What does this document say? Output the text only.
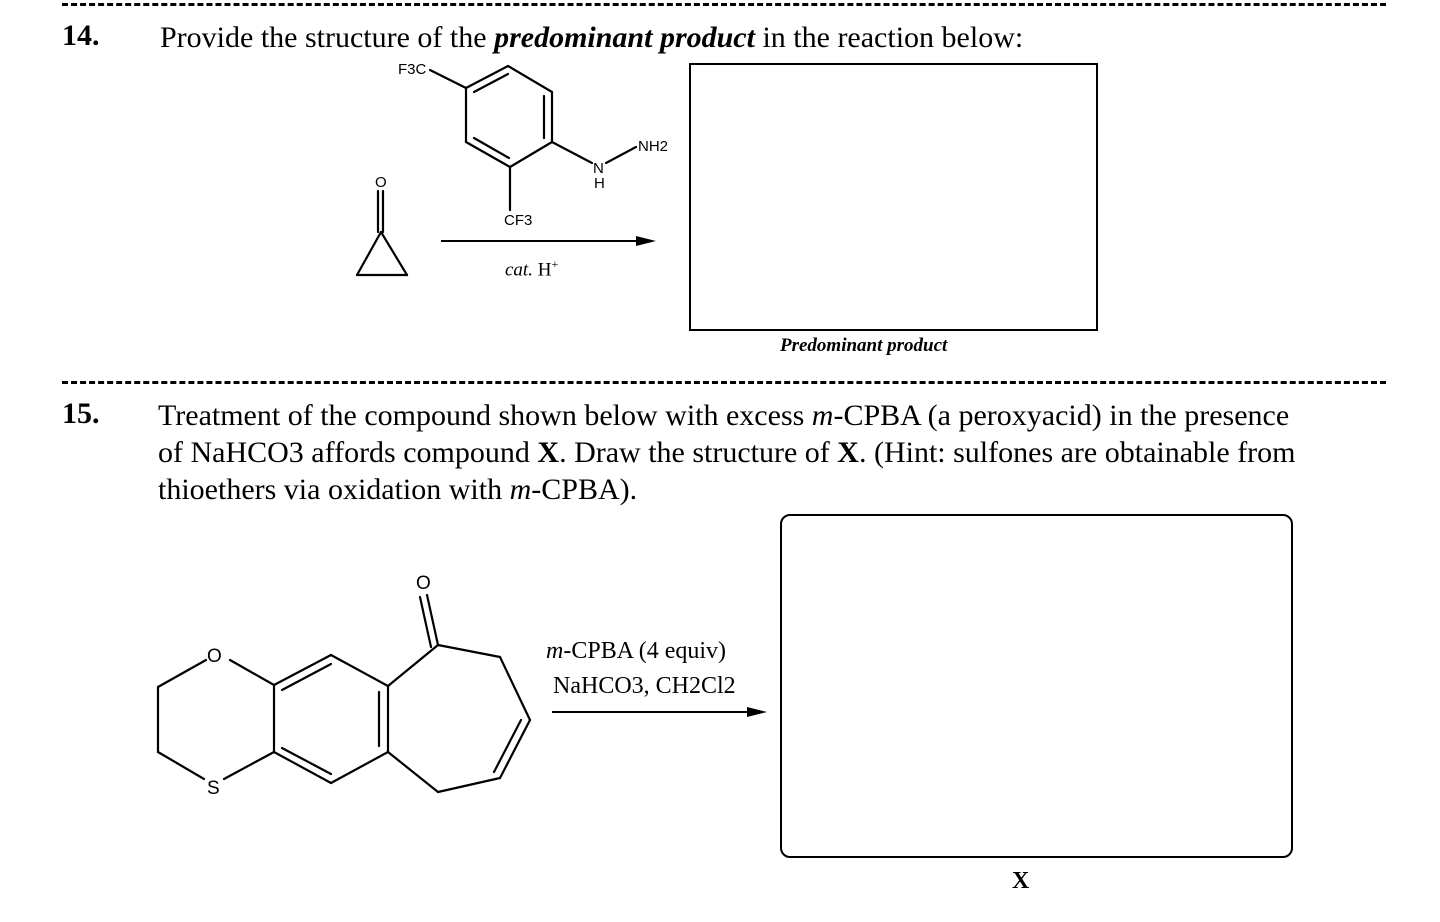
14. Provide the structure of the predominant product in the reaction below:
F3C
NH2
N
H
CF3
O
cat. H+
Predominant product
15. Treatment of the compound shown below with excess m-CPBA (a peroxyacid) in the presence
of NaHCO3 affords compound X. Draw the structure of X. (Hint: sulfones are obtainable from
thioethers via oxidation with m-CPBA).
O
O
S
m-CPBA (4 equiv)
NaHCO3, CH2Cl2
X
